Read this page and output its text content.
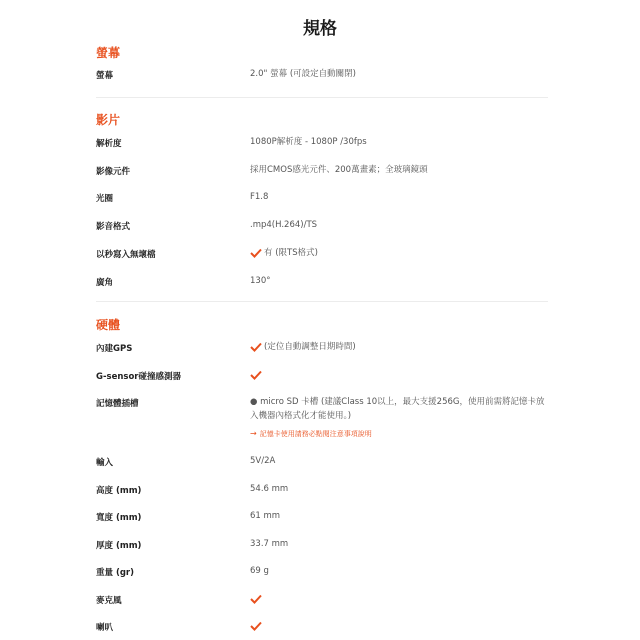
規格
螢幕
螢幕	2.0" 螢幕 (可設定自動關閉)
影片
解析度	1080P解析度 - 1080P /30fps
影像元件	採用CMOS感光元件、200萬畫素；全玻璃鏡頭
光圈	F1.8
影音格式	.mp4(H.264)/TS
以秒寫入無壞檔	有 (限TS格式)
廣角	130°
硬體
內建GPS	(定位自動調整日期時間)
G-sensor碰撞感測器
記憶體插槽	● micro SD 卡槽 (建議Class 10以上，最大支援256G，使用前需將記憶卡放入機器內格式化才能使用。)
→ 記憶卡使用請務必點閱注意事項說明
輸入	5V/2A
高度 (mm)	54.6 mm
寬度 (mm)	61 mm
厚度 (mm)	33.7 mm
重量 (gr)	69 g
麥克風
喇叭
